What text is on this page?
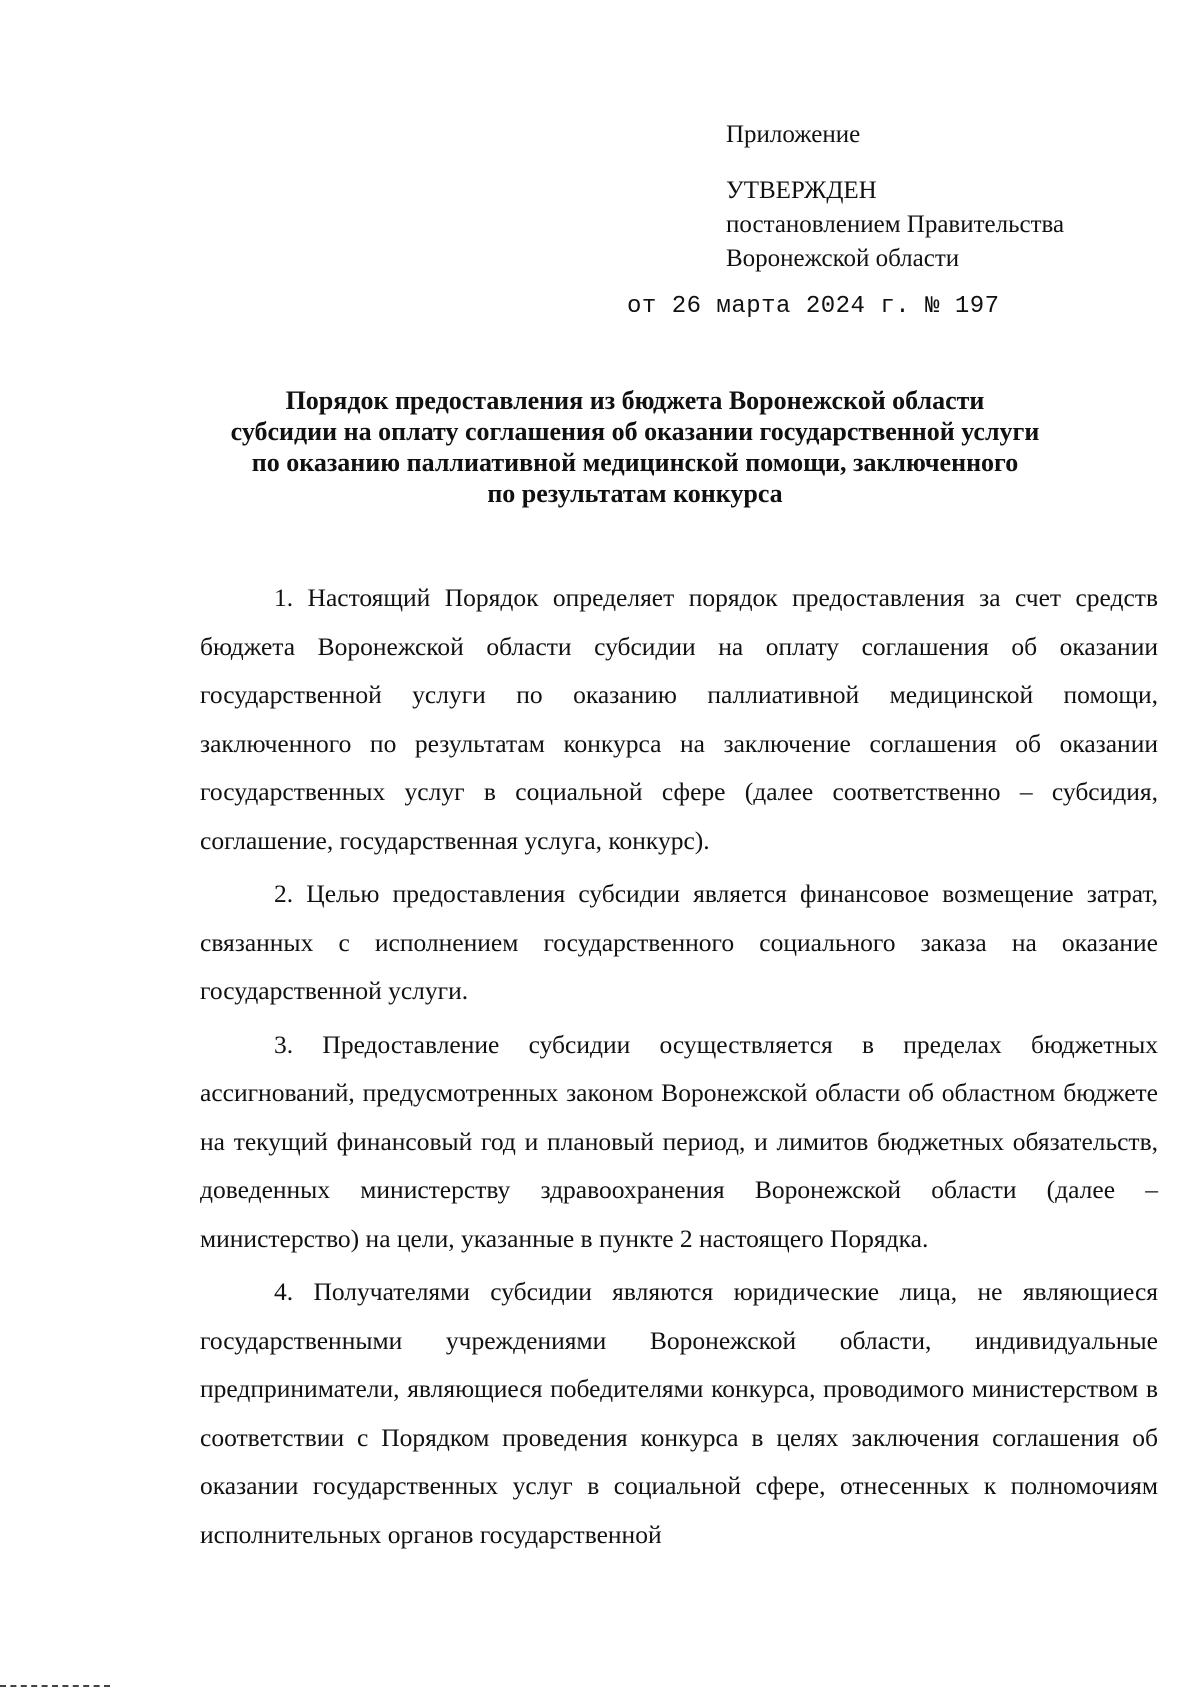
Приложение
УТВЕРЖДЕН
постановлением Правительства
Воронежской области
от 26 марта 2024 г. № 197
Порядок предоставления из бюджета Воронежской области
субсидии на оплату соглашения об оказании государственной услуги
по оказанию паллиативной медицинской помощи, заключенного
по результатам конкурса

1. Настоящий Порядок определяет порядок предоставления за счет средств бюджета Воронежской области субсидии на оплату соглашения об оказании государственной услуги по оказанию паллиативной медицинской помощи, заключенного по результатам конкурса на заключение соглашения об оказании государственных услуг в социальной сфере (далее соответственно – субсидия, соглашение, государственная услуга, конкурс).

2. Целью предоставления субсидии является финансовое возмещение затрат, связанных с исполнением государственного социального заказа на оказание государственной услуги.

3. Предоставление субсидии осуществляется в пределах бюджетных ассигнований, предусмотренных законом Воронежской области об областном бюджете на текущий финансовый год и плановый период, и лимитов бюджетных обязательств, доведенных министерству здравоохранения Воронежской области (далее – министерство) на цели, указанные в пункте 2 настоящего Порядка.

4. Получателями субсидии являются юридические лица, не являющиеся государственными учреждениями Воронежской области, индивидуальные предприниматели, являющиеся победителями конкурса, проводимого министерством в соответствии с Порядком проведения конкурса в целях заключения соглашения об оказании государственных услуг в социальной сфере, отнесенных к полномочиям исполнительных органов государственной
